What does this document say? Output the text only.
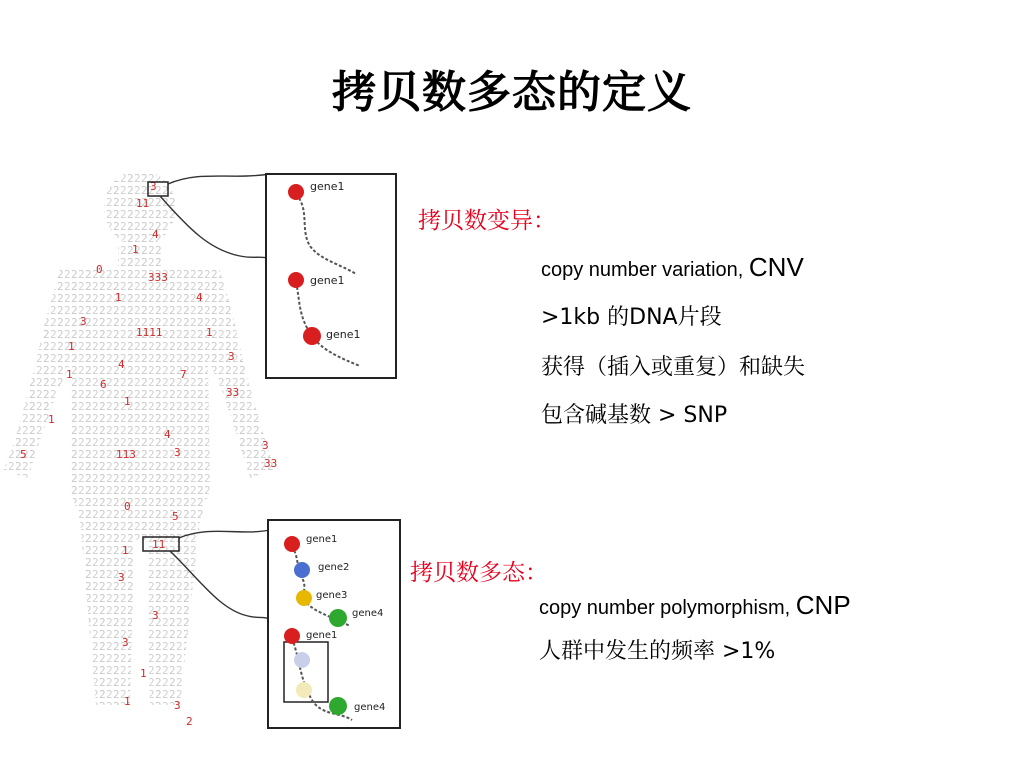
拷贝数多态的定义
3
11
4
1
0
333
1	4
3
1111	1
1
3
4
1	7
6
33
1
1
3
5
33
113
4
3
0
5
1 11
3
3
3
1
3
1
2
gene1
gene1
gene1
gene1
gene2
gene3
gene4
gene1
gene4
拷贝数变异：
copy number variation, CNV
>1kb 的DNA片段
获得（插入或重复）和缺失
包含碱基数 > SNP
拷贝数多态：
copy number polymorphism, CNP
人群中发生的频率 >1%
